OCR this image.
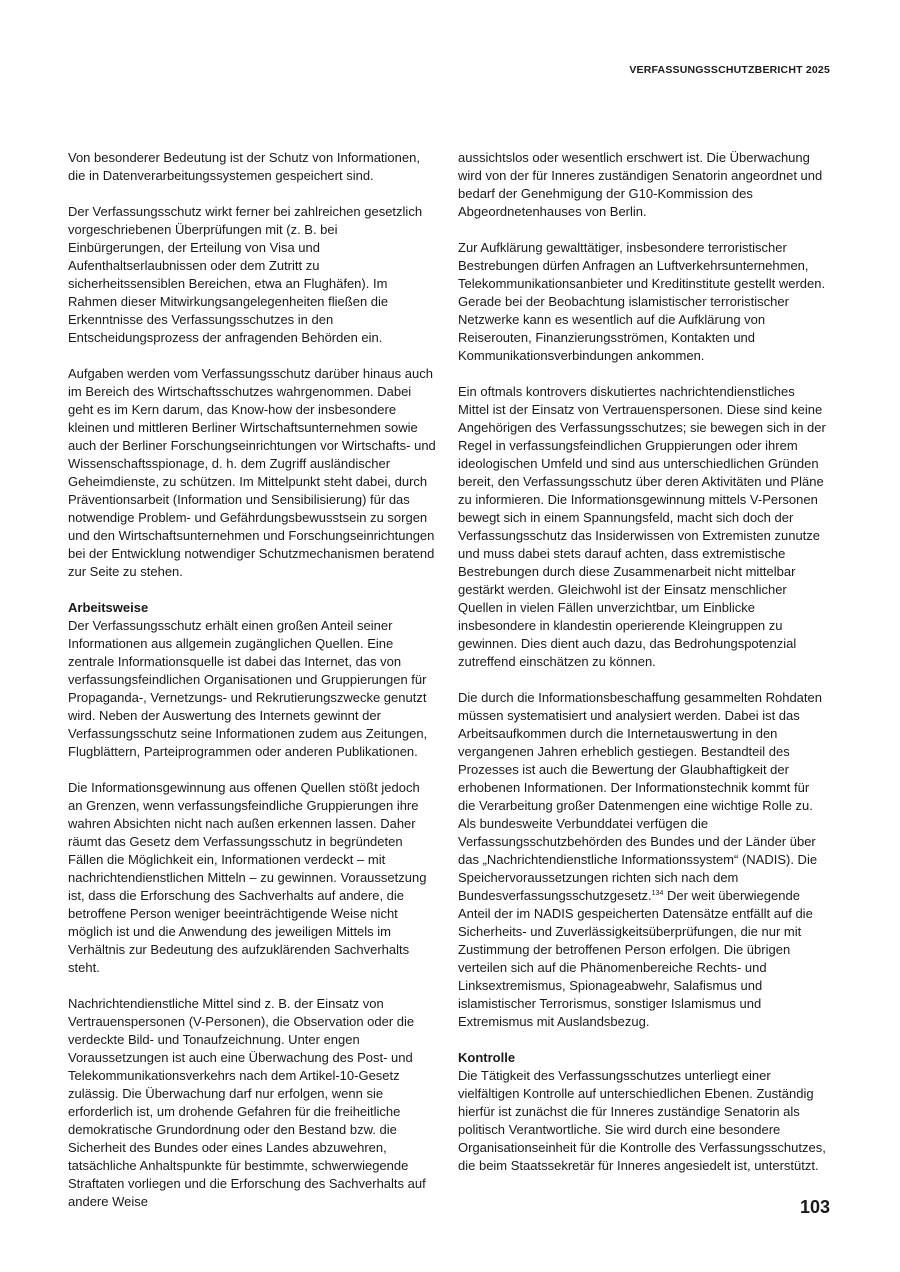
VERFASSUNGSSCHUTZBERICHT 2025

Von besonderer Bedeutung ist der Schutz von Informationen, die in Datenverarbeitungssystemen gespeichert sind.

Der Verfassungsschutz wirkt ferner bei zahlreichen gesetzlich vorgeschriebenen Überprüfungen mit (z. B. bei Einbürgerungen, der Erteilung von Visa und Aufenthaltserlaubnissen oder dem Zutritt zu sicherheitssensiblen Bereichen, etwa an Flughäfen). Im Rahmen dieser Mitwirkungsangelegenheiten fließen die Erkenntnisse des Verfassungsschutzes in den Entscheidungsprozess der anfragenden Behörden ein.

Aufgaben werden vom Verfassungsschutz darüber hinaus auch im Bereich des Wirtschaftsschutzes wahrgenommen. Dabei geht es im Kern darum, das Know-how der insbesondere kleinen und mittleren Berliner Wirtschaftsunternehmen sowie auch der Berliner Forschungseinrichtungen vor Wirtschafts- und Wissenschaftsspionage, d. h. dem Zugriff ausländischer Geheimdienste, zu schützen. Im Mittelpunkt steht dabei, durch Präventionsarbeit (Information und Sensibilisierung) für das notwendige Problem- und Gefährdungsbewusstsein zu sorgen und den Wirtschaftsunternehmen und Forschungseinrichtungen bei der Entwicklung notwendiger Schutzmechanismen beratend zur Seite zu stehen.

Arbeitsweise

Der Verfassungsschutz erhält einen großen Anteil seiner Informationen aus allgemein zugänglichen Quellen. Eine zentrale Informationsquelle ist dabei das Internet, das von verfassungsfeindlichen Organisationen und Gruppierungen für Propaganda-, Vernetzungs- und Rekrutierungszwecke genutzt wird. Neben der Auswertung des Internets gewinnt der Verfassungsschutz seine Informationen zudem aus Zeitungen, Flugblättern, Parteiprogrammen oder anderen Publikationen.

Die Informationsgewinnung aus offenen Quellen stößt jedoch an Grenzen, wenn verfassungsfeindliche Gruppierungen ihre wahren Absichten nicht nach außen erkennen lassen. Daher räumt das Gesetz dem Verfassungsschutz in begründeten Fällen die Möglichkeit ein, Informationen verdeckt – mit nachrichtendienstlichen Mitteln – zu gewinnen. Voraussetzung ist, dass die Erforschung des Sachverhalts auf andere, die betroffene Person weniger beeinträchtigende Weise nicht möglich ist und die Anwendung des jeweiligen Mittels im Verhältnis zur Bedeutung des aufzuklärenden Sachverhalts steht.

Nachrichtendienstliche Mittel sind z. B. der Einsatz von Vertrauenspersonen (V-Personen), die Observation oder die verdeckte Bild- und Tonaufzeichnung. Unter engen Voraussetzungen ist auch eine Überwachung des Post- und Telekommunikationsverkehrs nach dem Artikel-10-Gesetz zulässig. Die Überwachung darf nur erfolgen, wenn sie erforderlich ist, um drohende Gefahren für die freiheitliche demokratische Grundordnung oder den Bestand bzw. die Sicherheit des Bundes oder eines Landes abzuwehren, tatsächliche Anhaltspunkte für bestimmte, schwerwiegende Straftaten vorliegen und die Erforschung des Sachverhalts auf andere Weise

aussichtslos oder wesentlich erschwert ist. Die Überwachung wird von der für Inneres zuständigen Senatorin angeordnet und bedarf der Genehmigung der G10-Kommission des Abgeordnetenhauses von Berlin.

Zur Aufklärung gewalttätiger, insbesondere terroristischer Bestrebungen dürfen Anfragen an Luftverkehrsunternehmen, Telekommunikationsanbieter und Kreditinstitute gestellt werden. Gerade bei der Beobachtung islamistischer terroristischer Netzwerke kann es wesentlich auf die Aufklärung von Reiserouten, Finanzierungsströmen, Kontakten und Kommunikationsverbindungen ankommen.

Ein oftmals kontrovers diskutiertes nachrichtendienstliches Mittel ist der Einsatz von Vertrauenspersonen. Diese sind keine Angehörigen des Verfassungsschutzes; sie bewegen sich in der Regel in verfassungsfeindlichen Gruppierungen oder ihrem ideologischen Umfeld und sind aus unterschiedlichen Gründen bereit, den Verfassungsschutz über deren Aktivitäten und Pläne zu informieren. Die Informationsgewinnung mittels V-Personen bewegt sich in einem Spannungsfeld, macht sich doch der Verfassungsschutz das Insiderwissen von Extremisten zunutze und muss dabei stets darauf achten, dass extremistische Bestrebungen durch diese Zusammenarbeit nicht mittelbar gestärkt werden. Gleichwohl ist der Einsatz menschlicher Quellen in vielen Fällen unverzichtbar, um Einblicke insbesondere in klandestin operierende Kleingruppen zu gewinnen. Dies dient auch dazu, das Bedrohungspotenzial zutreffend einschätzen zu können.

Die durch die Informationsbeschaffung gesammelten Rohdaten müssen systematisiert und analysiert werden. Dabei ist das Arbeitsaufkommen durch die Internetauswertung in den vergangenen Jahren erheblich gestiegen. Bestandteil des Prozesses ist auch die Bewertung der Glaubhaftigkeit der erhobenen Informationen. Der Informationstechnik kommt für die Verarbeitung großer Datenmengen eine wichtige Rolle zu. Als bundesweite Verbunddatei verfügen die Verfassungsschutzbehörden des Bundes und der Länder über das „Nachrichtendienstliche Informationssystem“ (NADIS). Die Speichervoraussetzungen richten sich nach dem Bundesverfassungsschutzgesetz.$^{134}$ Der weit überwiegende Anteil der im NADIS gespeicherten Datensätze entfällt auf die Sicherheits- und Zuverlässigkeitsüberprüfungen, die nur mit Zustimmung der betroffenen Person erfolgen. Die übrigen verteilen sich auf die Phänomenbereiche Rechts- und Linksextremismus, Spionageabwehr, Salafismus und islamistischer Terrorismus, sonstiger Islamismus und Extremismus mit Auslandsbezug.

Kontrolle

Die Tätigkeit des Verfassungsschutzes unterliegt einer vielfältigen Kontrolle auf unterschiedlichen Ebenen. Zuständig hierfür ist zunächst die für Inneres zuständige Senatorin als politisch Verantwortliche. Sie wird durch eine besondere Organisationseinheit für die Kontrolle des Verfassungsschutzes, die beim Staatssekretär für Inneres angesiedelt ist, unterstützt.

103
